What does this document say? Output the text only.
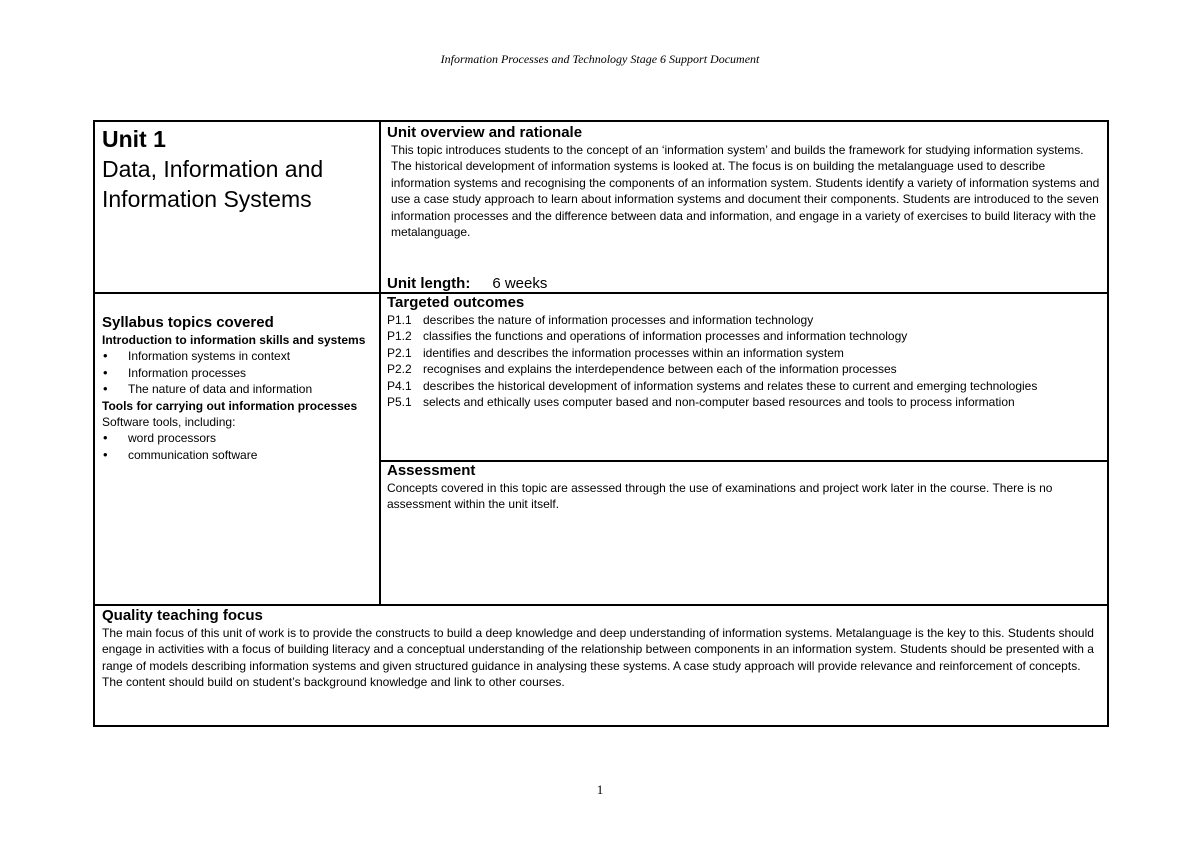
Information Processes and Technology Stage 6 Support Document
Unit 1
Data, Information and Information Systems
Unit overview and rationale
This topic introduces students to the concept of an ‘information system’ and builds the framework for studying information systems. The historical development of information systems is looked at. The focus is on building the metalanguage used to describe information systems and recognising the components of an information system. Students identify a variety of information systems and use a case study approach to learn about information systems and document their components. Students are introduced to the seven information processes and the difference between data and information, and engage in a variety of exercises to build literacy with the metalanguage.
Unit length: 6 weeks
Syllabus topics covered
Introduction to information skills and systems
• Information systems in context
• Information processes
• The nature of data and information
Tools for carrying out information processes
Software tools, including:
• word processors
• communication software
Targeted outcomes
P1.1 describes the nature of information processes and information technology
P1.2 classifies the functions and operations of information processes and information technology
P2.1 identifies and describes the information processes within an information system
P2.2 recognises and explains the interdependence between each of the information processes
P4.1 describes the historical development of information systems and relates these to current and emerging technologies
P5.1 selects and ethically uses computer based and non-computer based resources and tools to process information
Assessment
Concepts covered in this topic are assessed through the use of examinations and project work later in the course. There is no assessment within the unit itself.
Quality teaching focus
The main focus of this unit of work is to provide the constructs to build a deep knowledge and deep understanding of information systems. Metalanguage is the key to this. Students should engage in activities with a focus of building literacy and a conceptual understanding of the relationship between components in an information system. Students should be presented with a range of models describing information systems and given structured guidance in analysing these systems. A case study approach will provide relevance and reinforcement of concepts. The content should build on student’s background knowledge and link to other courses.
1
